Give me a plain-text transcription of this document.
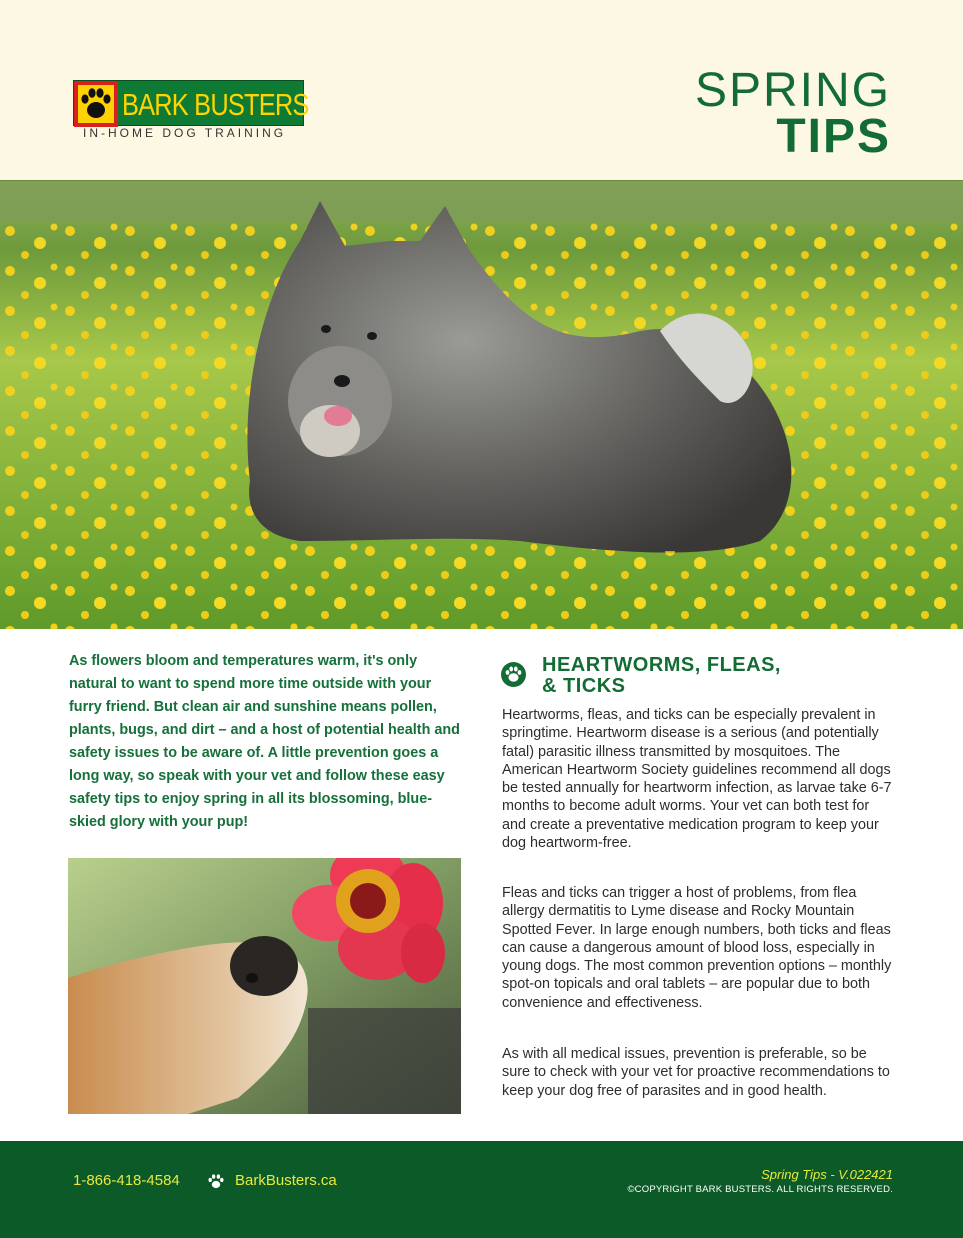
BARK BUSTERS
IN-HOME DOG TRAINING
SPRING
TIPS

As flowers bloom and temperatures warm, it's only natural to want to spend more time outside with your furry friend. But clean air and sunshine means pollen, plants, bugs, and dirt – and a host of potential health and safety issues to be aware of. A little prevention goes a long way, so speak with your vet and follow these easy safety tips to enjoy spring in all its blossoming, blue-skied glory with your pup!

HEARTWORMS, FLEAS,
& TICKS

Heartworms, fleas, and ticks can be especially prevalent in springtime. Heartworm disease is a serious (and potentially fatal) parasitic illness transmitted by mosquitoes. The American Heartworm Society guidelines recommend all dogs be tested annually for heartworm infection, as larvae take 6-7 months to become adult worms. Your vet can both test for and create a preventative medication program to keep your dog heartworm-free.

Fleas and ticks can trigger a host of problems, from flea allergy dermatitis to Lyme disease and Rocky Mountain Spotted Fever. In large enough numbers, both ticks and fleas can cause a dangerous amount of blood loss, especially in young dogs. The most common prevention options – monthly spot-on topicals and oral tablets – are popular due to both convenience and effectiveness.

As with all medical issues, prevention is preferable, so be sure to check with your vet for proactive recommendations to keep your dog free of parasites and in good health.

1-866-418-4584	BarkBusters.ca	Spring Tips - V.022421
©COPYRIGHT BARK BUSTERS. ALL RIGHTS RESERVED.
